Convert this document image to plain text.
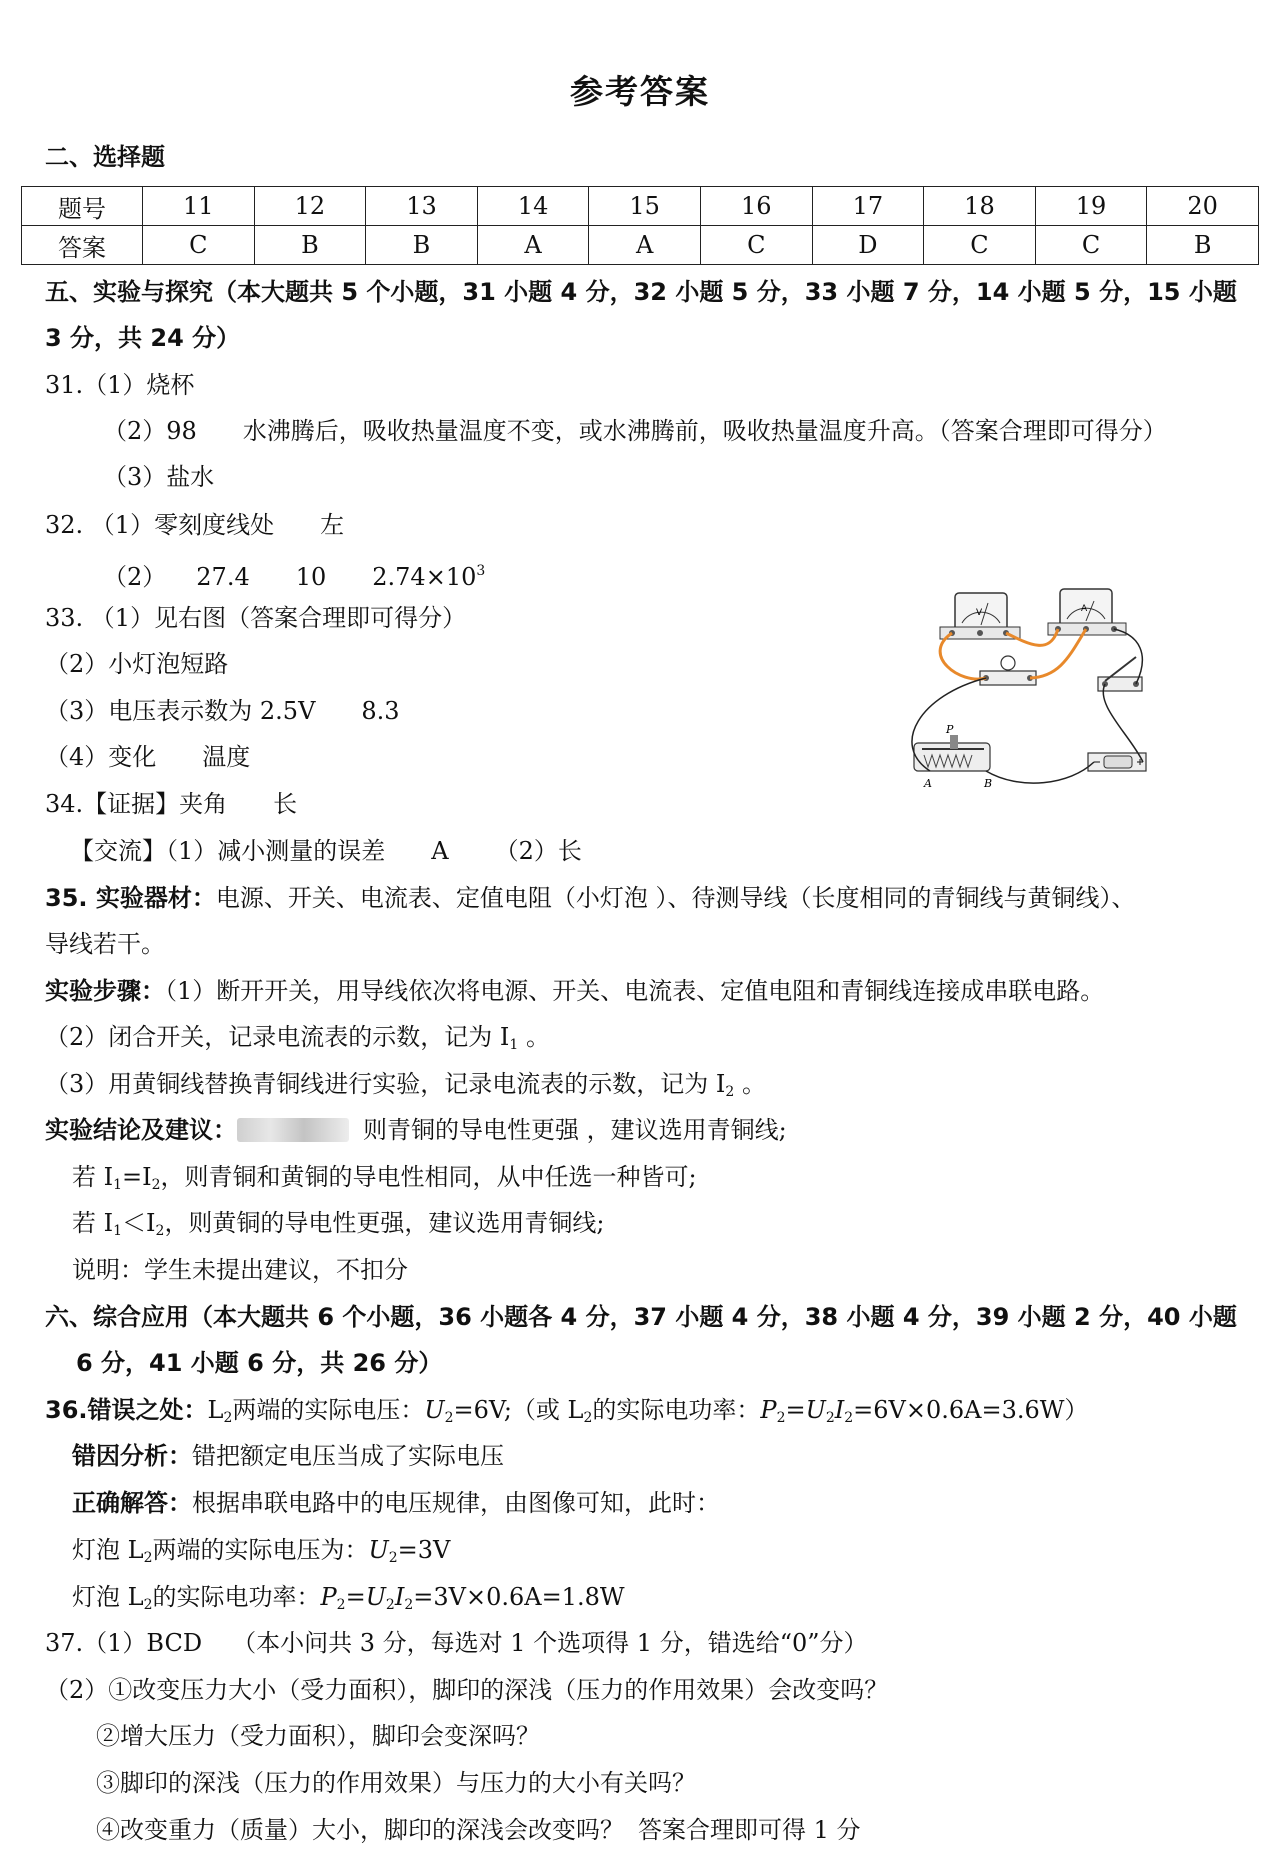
参考答案
二、选择题
题号	11	12	13	14	15	16	17	18	19	20
答案	C	B	B	A	A	C	D	C	C	B
五、实验与探究（本大题共 5 个小题，31 小题 4 分，32 小题 5 分，33 小题 7 分，14 小题 5 分，15 小题
3 分，共 24 分）
31.（1）烧杯
（2）98 水沸腾后，吸收热量温度不变，或水沸腾前，吸收热量温度升高。（答案合理即可得分）
（3）盐水
32. （1）零刻度线处 左
（2） 27.4 10 $2.74\times 10^3$
33. （1）见右图（答案合理即可得分）
（2）小灯泡短路
（3）电压表示数为 2.5V 8.3
（4）变化 温度
V	A
P
A	B
34.【证据】夹角 长
【交流】（1）减小测量的误差 A （2）长
35. 实验器材：电源、开关、电流表、定值电阻（小灯泡 ）、待测导线（长度相同的青铜线与黄铜线）、
导线若干。
实验步骤：（1）断开开关，用导线依次将电源、开关、电流表、定值电阻和青铜线连接成串联电路。
（2）闭合开关，记录电流表的示数，记为 $I_1$ 。
（3）用黄铜线替换青铜线进行实验，记录电流表的示数，记为 $I_2$ 。
实验结论及建议：	则青铜的导电性更强 ，建议选用青铜线;
若 $I_1=I_2$，则青铜和黄铜的导电性相同，从中任选一种皆可;
若 $I_1<I_2$，则黄铜的导电性更强，建议选用青铜线;
说明：学生未提出建议，不扣分
六、综合应用（本大题共 6 个小题，36 小题各 4 分，37 小题 4 分，38 小题 4 分，39 小题 2 分，40 小题
6 分，41 小题 6 分，共 26 分）
36.错误之处：$L_2$两端的实际电压：$U_2=6V$;（或 $L_2$的实际电功率：$P_2=U_2I_2=6V\times 0.6A=3.6W$）
错因分析：错把额定电压当成了实际电压
正确解答：根据串联电路中的电压规律，由图像可知，此时：
灯泡 $L_2$两端的实际电压为：$U_2=3V$
灯泡 $L_2$的实际电功率：$P_2=U_2I_2=3V\times 0.6A=1.8W$
37.（1）BCD （本小问共 3 分，每选对 1 个选项得 1 分，错选给“0”分）
（2）①改变压力大小（受力面积），脚印的深浅（压力的作用效果）会改变吗？
②增大压力（受力面积），脚印会变深吗？
③脚印的深浅（压力的作用效果）与压力的大小有关吗？
④改变重力（质量）大小，脚印的深浅会改变吗？ 答案合理即可得 1 分
